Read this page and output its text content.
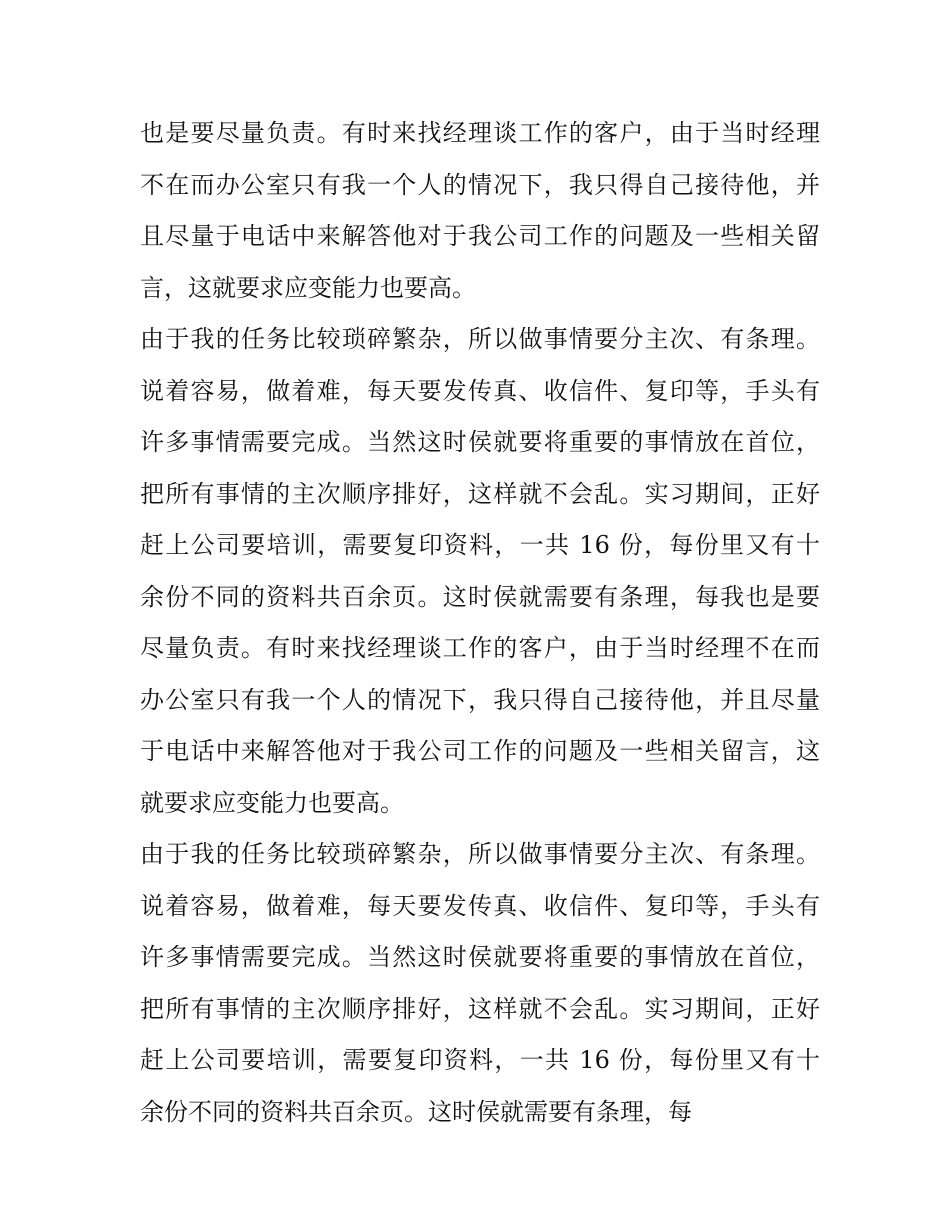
也是要尽量负责。有时来找经理谈工作的客户，由于当时经理
不在而办公室只有我一个人的情况下，我只得自己接待他，并
且尽量于电话中来解答他对于我公司工作的问题及一些相关留
言，这就要求应变能力也要高。
由于我的任务比较琐碎繁杂，所以做事情要分主次、有条理。
说着容易，做着难，每天要发传真、收信件、复印等，手头有
许多事情需要完成。当然这时侯就要将重要的事情放在首位，
把所有事情的主次顺序排好，这样就不会乱。实习期间，正好
赶上公司要培训，需要复印资料，一共 16 份，每份里又有十
余份不同的资料共百余页。这时侯就需要有条理，每我也是要
尽量负责。有时来找经理谈工作的客户，由于当时经理不在而
办公室只有我一个人的情况下，我只得自己接待他，并且尽量
于电话中来解答他对于我公司工作的问题及一些相关留言，这
就要求应变能力也要高。
由于我的任务比较琐碎繁杂，所以做事情要分主次、有条理。
说着容易，做着难，每天要发传真、收信件、复印等，手头有
许多事情需要完成。当然这时侯就要将重要的事情放在首位，
把所有事情的主次顺序排好，这样就不会乱。实习期间，正好
赶上公司要培训，需要复印资料，一共 16 份，每份里又有十
余份不同的资料共百余页。这时侯就需要有条理，每
